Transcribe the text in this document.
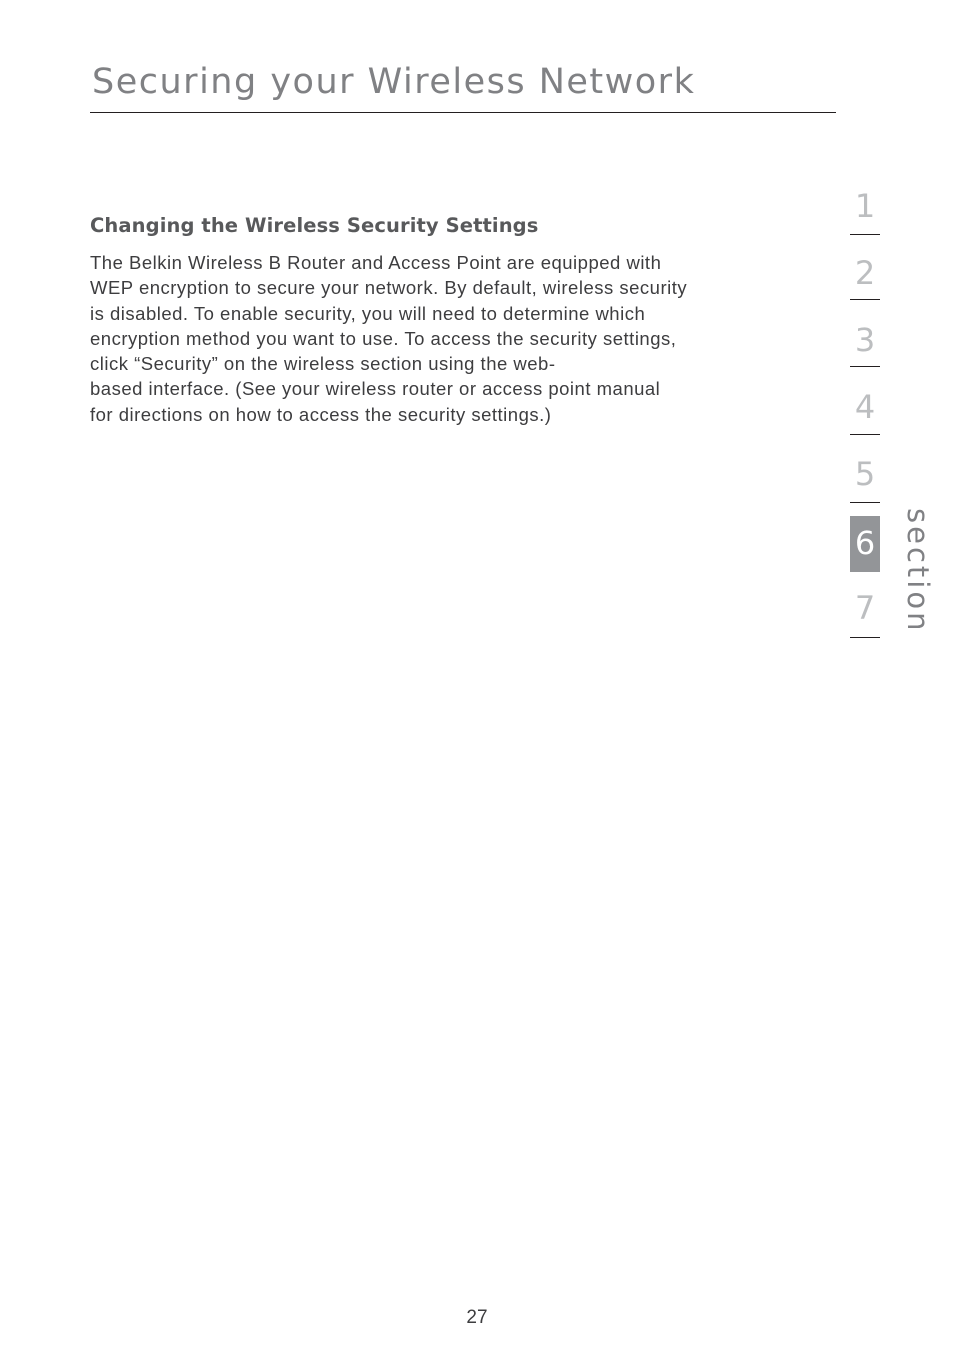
Securing your Wireless Network
Changing the Wireless Security Settings

The Belkin Wireless B Router and Access Point are equipped with
WEP encryption to secure your network. By default, wireless security
is disabled. To enable security, you will need to determine which
encryption method you want to use. To access the security settings,
click “Security” on the wireless section using the web-
based interface. (See your wireless router or access point manual
for directions on how to access the security settings.)

1
2
3
4
5
6
7 section
27
